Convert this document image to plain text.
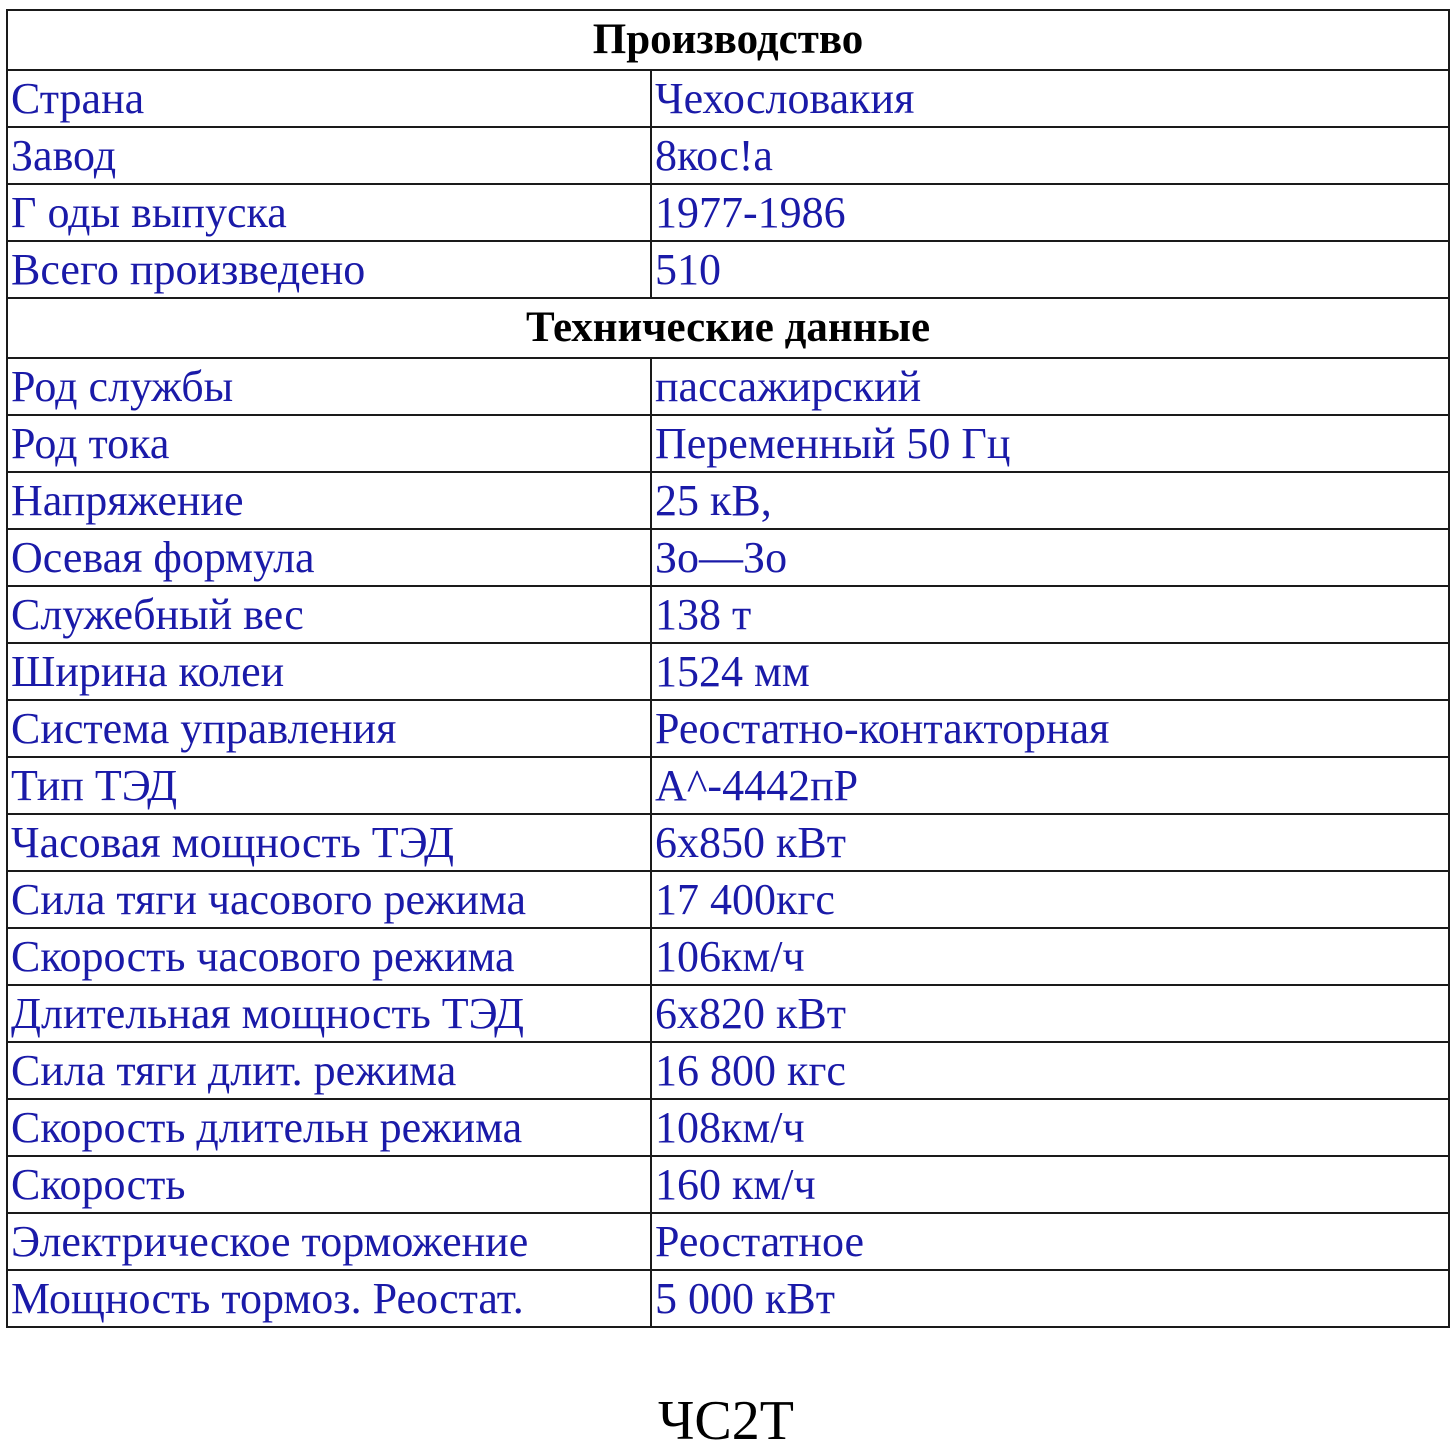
Производство	
Страна	Чехословакия
Завод	8кос!а
Г оды выпуска	1977-1986
Всего произведено	510
Технические данные	
Род службы	пассажирский
Род тока	Переменный 50 Гц
Напряжение	25 кВ,
Осевая формула	Зо—Зо
Служебный вес	138 т
Ширина колеи	1524 мм
Система управления	Реостатно-контакторная
Тип ТЭД	А^-4442пР
Часовая мощность ТЭД	6х850 кВт
Сила тяги часового режима	17 400кгс
Скорость часового режима	106км/ч
Длительная мощность ТЭД	6х820 кВт
Сила тяги длит. режима	16 800 кгс
Скорость длительн режима	108км/ч
Скорость	160 км/ч
Электрическое торможение	Реостатное
Мощность тормоз. Реостат.	5 000 кВт
ЧС2Т
